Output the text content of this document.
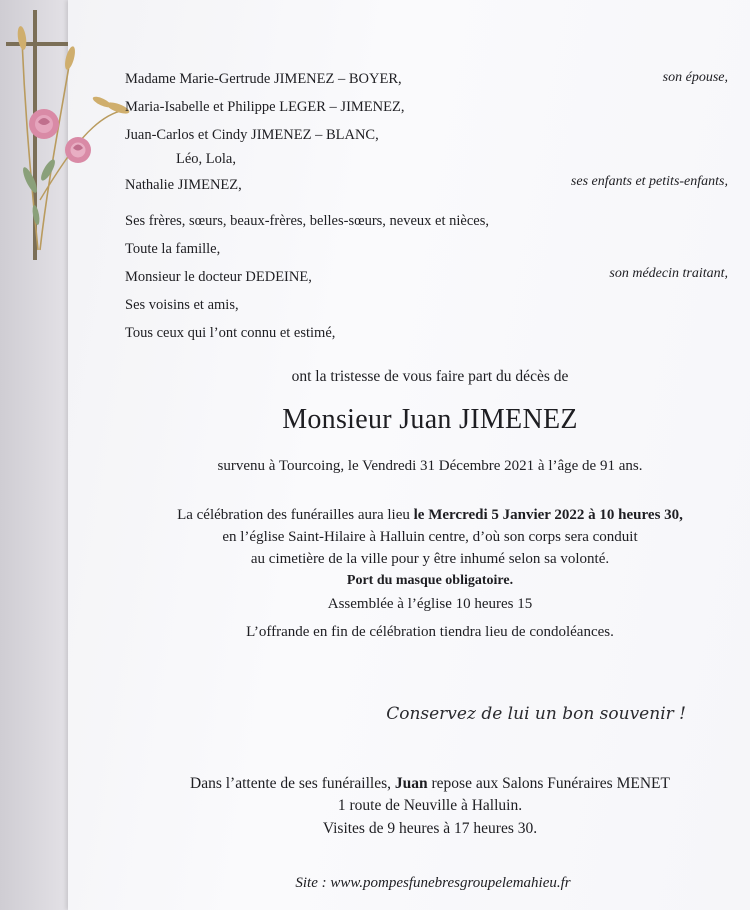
Madame Marie-Gertrude JIMENEZ – BOYER,	son épouse,
Maria-Isabelle et Philippe LEGER – JIMENEZ,
Juan-Carlos et Cindy JIMENEZ – BLANC,
Léo, Lola,
Nathalie JIMENEZ,	ses enfants et petits-enfants,
Ses frères, sœurs, beaux-frères, belles-sœurs, neveux et nièces,
Toute la famille,
Monsieur le docteur DEDEINE,	son médecin traitant,
Ses voisins et amis,
Tous ceux qui l’ont connu et estimé,
ont la tristesse de vous faire part du décès de
Monsieur Juan JIMENEZ
survenu à Tourcoing, le Vendredi 31 Décembre 2021 à l’âge de 91 ans.
La célébration des funérailles aura lieu le Mercredi 5 Janvier 2022 à 10 heures 30,
en l’église Saint-Hilaire à Halluin centre, d’où son corps sera conduit
au cimetière de la ville pour y être inhumé selon sa volonté.
Port du masque obligatoire.
Assemblée à l’église 10 heures 15
L’offrande en fin de célébration tiendra lieu de condoléances.
Conservez de lui un bon souvenir !
Dans l’attente de ses funérailles, Juan repose aux Salons Funéraires MENET
1 route de Neuville à Halluin.
Visites de 9 heures à 17 heures 30.
Site : www.pompesfunebresgroupelemahieu.fr
